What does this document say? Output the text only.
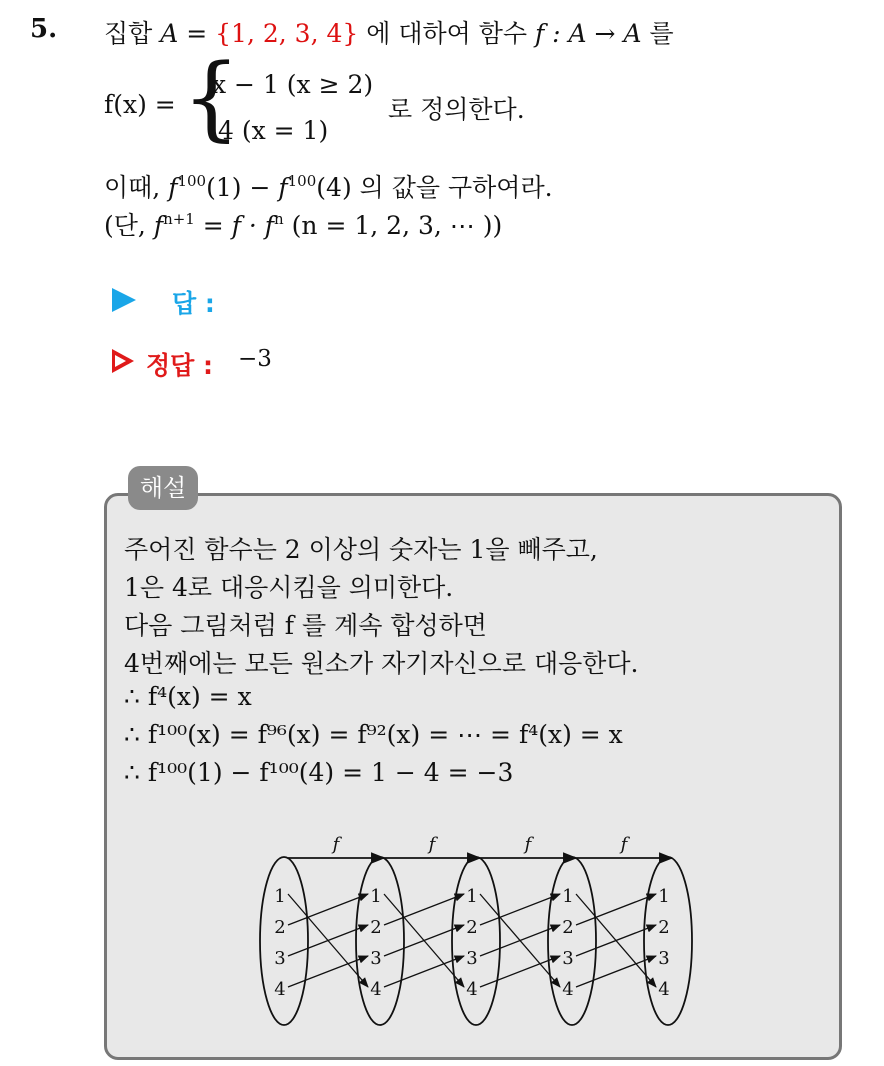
5. 집합 A = {1, 2, 3, 4} 에 대하여 함수 f : A → A 를
f(x) = {
x − 1 (x ≥ 2)
4 (x = 1)
로 정의한다.
이때, $f^{100}(1) - f^{100}(4)$ 의 값을 구하여라.
(단, $f^{n+1} = f \cdot f^n$ (n = 1, 2, 3, ⋯ ))
답 :
정답 : −3
해설
주어진 함수는 2 이상의 숫자는 1을 빼주고,
1은 4로 대응시킴을 의미한다.
다음 그림처럼 f 를 계속 합성하면
4번째에는 모든 원소가 자기자신으로 대응한다.
∴ f⁴(x) = x
∴ f¹⁰⁰(x) = f⁹⁶(x) = f⁹²(x) = ⋯ = f⁴(x) = x
∴ f¹⁰⁰(1) − f¹⁰⁰(4) = 1 − 4 = −3
1
2
3
4
1
2
3
4
1
2
3
4
1
2
3
4
1
2
3
4
f	f	f	f
